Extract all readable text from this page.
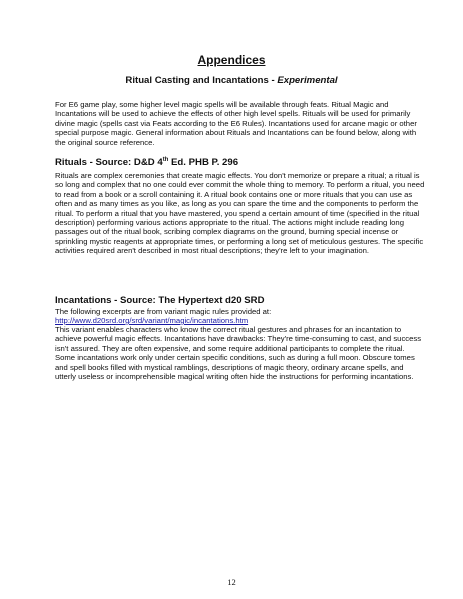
Appendices
Ritual Casting and Incantations - Experimental

For E6 game play, some higher level magic spells will be available through feats. Ritual Magic and Incantations will be used to achieve the effects of other high level spells. Rituals will be used for primarily divine magic (spells cast via Feats according to the E6 Rules). Incantations used for arcane magic or other special purpose magic. General information about Rituals and Incantations can be found below, along with the original source reference.

Rituals - Source: D&D 4th Ed. PHB P. 296

Rituals are complex ceremonies that create magic effects. You don't memorize or prepare a ritual; a ritual is so long and complex that no one could ever commit the whole thing to memory. To perform a ritual, you need to read from a book or a scroll containing it. A ritual book contains one or more rituals that you can use as often and as many times as you like, as long as you can spare the time and the components to perform the ritual. To perform a ritual that you have mastered, you spend a certain amount of time (specified in the ritual description) performing various actions appropriate to the ritual. The actions might include reading long passages out of the ritual book, scribing complex diagrams on the ground, burning special incense or sprinkling mystic reagents at appropriate times, or performing a long set of meticulous gestures. The specific activities required aren't described in most ritual descriptions; they're left to your imagination.

Incantations - Source: The Hypertext d20 SRD

The following excerpts are from variant magic rules provided at:

http://www.d20srd.org/srd/variant/magic/incantations.htm

This variant enables characters who know the correct ritual gestures and phrases for an incantation to achieve powerful magic effects. Incantations have drawbacks: They're time-consuming to cast, and success isn't assured. They are often expensive, and some require additional participants to complete the ritual. Some incantations work only under certain specific conditions, such as during a full moon. Obscure tomes and spell books filled with mystical ramblings, descriptions of magic theory, ordinary arcane spells, and utterly useless or incomprehensible magical writing often hide the instructions for performing incantations.

12
